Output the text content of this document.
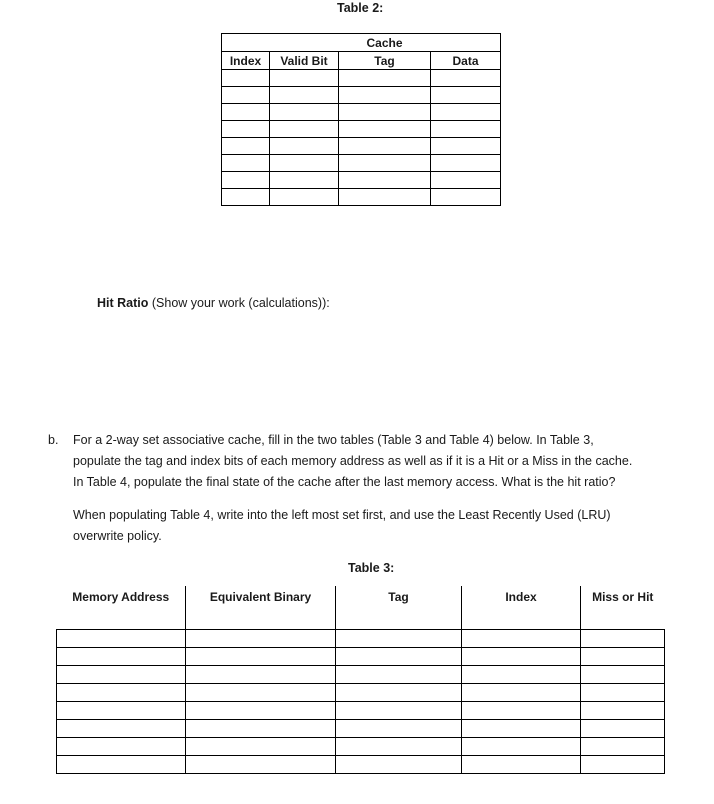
Table 2:
		Cache	
Index	Valid Bit	Tag	Data

Hit Ratio (Show your work (calculations)):
b. For a 2-way set associative cache, fill in the two tables (Table 3 and Table 4) below. In Table 3,
populate the tag and index bits of each memory address as well as if it is a Hit or a Miss in the cache.
In Table 4, populate the final state of the cache after the last memory access. What is the hit ratio?
When populating Table 4, write into the left most set first, and use the Least Recently Used (LRU)
overwrite policy.
Table 3:
Memory Address	Equivalent Binary	Tag	Index	Miss or Hit
